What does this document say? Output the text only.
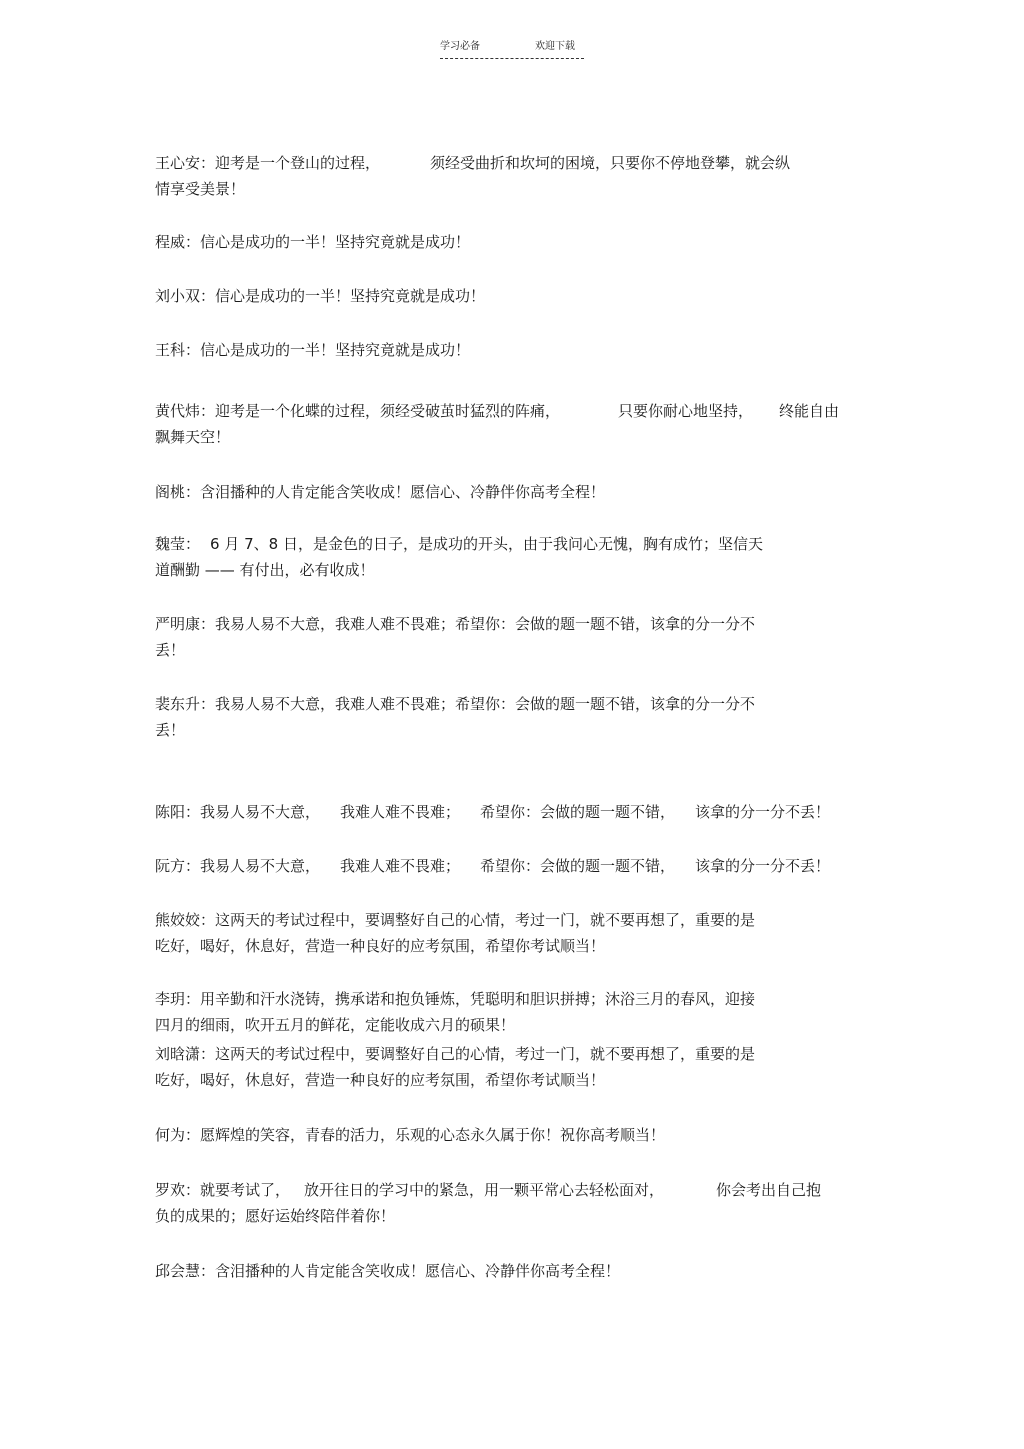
学习必备	欢迎下载
王心安：迎考是一个登山的过程，	须经受曲折和坎坷的困境，只要你不停地登攀，就会纵
情享受美景！
程威：信心是成功的一半！坚持究竟就是成功！
刘小双：信心是成功的一半！坚持究竟就是成功！
王科：信心是成功的一半！坚持究竟就是成功！
黄代炜：迎考是一个化蝶的过程，须经受破茧时猛烈的阵痛，	只要你耐心地坚持， 终能自由
飘舞天空！
阁桃：含泪播种的人肯定能含笑收成！愿信心、冷静伴你高考全程！
魏莹： 6 月 7、8 日，是金色的日子，是成功的开头，由于我问心无愧，胸有成竹；坚信天
道酬勤 —— 有付出，必有收成！
严明康：我易人易不大意，我难人难不畏难；希望你：会做的题一题不错，该拿的分一分不
丢！
裴东升：我易人易不大意，我难人难不畏难；希望你：会做的题一题不错，该拿的分一分不
丢！
陈阳：我易人易不大意， 我难人难不畏难； 希望你：会做的题一题不错， 该拿的分一分不丢！
阮方：我易人易不大意， 我难人难不畏难； 希望你：会做的题一题不错， 该拿的分一分不丢！
熊姣姣：这两天的考试过程中，要调整好自己的心情，考过一门，就不要再想了，重要的是
吃好，喝好，休息好，营造一种良好的应考氛围，希望你考试顺当！
李玥：用辛勤和汗水浇铸，携承诺和抱负锤炼，凭聪明和胆识拼搏；沐浴三月的春风，迎接
四月的细雨，吹开五月的鲜花，定能收成六月的硕果！
刘晗潇：这两天的考试过程中，要调整好自己的心情，考过一门，就不要再想了，重要的是
吃好，喝好，休息好，营造一种良好的应考氛围，希望你考试顺当！
何为：愿辉煌的笑容，青春的活力，乐观的心态永久属于你！祝你高考顺当！
罗欢：就要考试了， 放开往日的学习中的紧急，用一颗平常心去轻松面对，	你会考出自己抱
负的成果的；愿好运始终陪伴着你！
邱会慧：含泪播种的人肯定能含笑收成！愿信心、冷静伴你高考全程！
